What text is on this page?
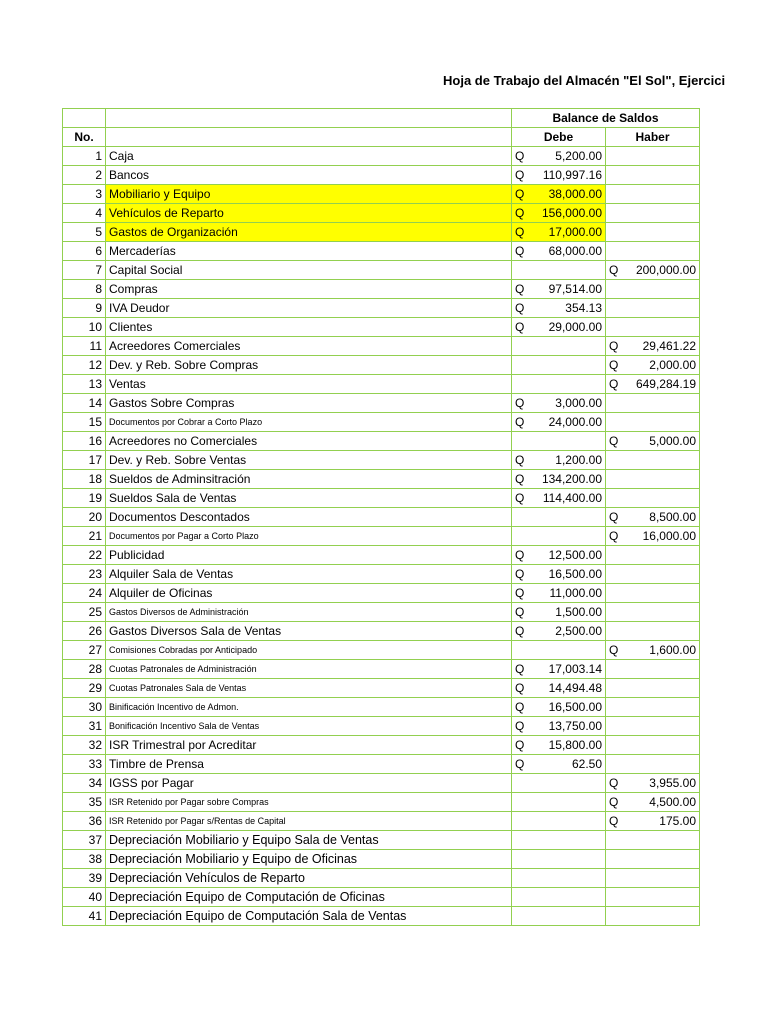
Hoja de Trabajo del Almacén "El Sol", Ejercici
		Balance de Saldos	
No.		Debe	Haber
1	Caja	Q 5,200.00	

2	Bancos	Q 110,997.16	

3	Mobiliario y Equipo	Q 38,000.00	

4	Vehículos de Reparto	Q 156,000.00	

5	Gastos de Organización	Q 17,000.00	

6	Mercaderías	Q 68,000.00	

7	Capital Social		Q 200,000.00

8	Compras	Q 97,514.00	

9	IVA Deudor	Q 354.13	

10	Clientes	Q 29,000.00	

11	Acreedores Comerciales		Q 29,461.22

12	Dev. y Reb. Sobre Compras		Q 2,000.00

13	Ventas		Q 649,284.19

14	Gastos Sobre Compras	Q 3,000.00	

15	Documentos por Cobrar a Corto Plazo	Q 24,000.00	

16	Acreedores no Comerciales		Q 5,000.00

17	Dev. y Reb. Sobre Ventas	Q 1,200.00	

18	Sueldos de Adminsitración	Q 134,200.00	

19	Sueldos Sala de Ventas	Q 114,400.00	

20	Documentos Descontados		Q 8,500.00

21	Documentos por Pagar a Corto Plazo		Q 16,000.00

22	Publicidad	Q 12,500.00	

23	Alquiler Sala de Ventas	Q 16,500.00	

24	Alquiler de Oficinas	Q 11,000.00	

25	Gastos Diversos de Administración	Q 1,500.00	

26	Gastos Diversos Sala de Ventas	Q 2,500.00	

27	Comisiones Cobradas por Anticipado		Q 1,600.00

28	Cuotas Patronales de Administración	Q 17,003.14	

29	Cuotas Patronales Sala de Ventas	Q 14,494.48	

30	Binificación Incentivo de Admon.	Q 16,500.00	

31	Bonificación Incentivo Sala de Ventas	Q 13,750.00	

32	ISR Trimestral por Acreditar	Q 15,800.00	

33	Timbre de Prensa	Q 62.50	

34	IGSS por Pagar		Q 3,955.00

35	ISR Retenido por Pagar sobre Compras		Q 4,500.00

36	ISR Retenido por Pagar s/Rentas de Capital		Q 175.00

37	Depreciación Mobiliario y Equipo Sala de Ventas		
38	Depreciación Mobiliario y Equipo de Oficinas		
39	Depreciación Vehículos de Reparto		
40	Depreciación Equipo de Computación de Oficinas		
41	Depreciación Equipo de Computación Sala de Ventas		
